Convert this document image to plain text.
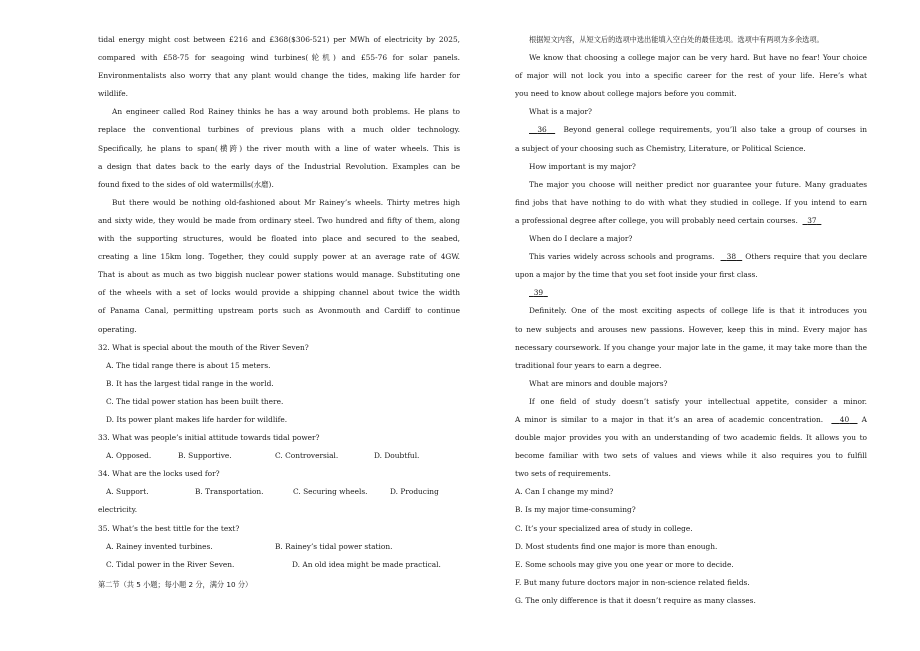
tidal energy might cost between £216 and £368($306-521) per MWh of electricity by 2025,

compared with £58-75 for seagoing wind turbines(轮机) and £55-76 for solar panels.

Environmentalists also worry that any plant would change the tides, making life harder for

wildlife.

An engineer called Rod Rainey thinks he has a way around both problems. He plans to

replace the conventional turbines of previous plans with a much older technology.

Specifically, he plans to span(横跨) the river mouth with a line of water wheels. This is

a design that dates back to the early days of the Industrial Revolution. Examples can be

found fixed to the sides of old watermills(水磨).

But there would be nothing old-fashioned about Mr Rainey’s wheels. Thirty metres high

and sixty wide, they would be made from ordinary steel. Two hundred and fifty of them, along

with the supporting structures, would be floated into place and secured to the seabed,

creating a line 15km long. Together, they could supply power at an average rate of 4GW.

That is about as much as two biggish nuclear power stations would manage. Substituting one

of the wheels with a set of locks would provide a shipping channel about twice the width

of Panama Canal, permitting upstream ports such as Avonmouth and Cardiff to continue

operating.

32. What is special about the mouth of the River Seven?

A. The tidal range there is about 15 meters.

B. It has the largest tidal range in the world.

C. The tidal power station has been built there.

D. Its power plant makes life harder for wildlife.

33. What was people’s initial attitude towards tidal power?

A. Opposed.	B. Supportive.	C. Controversial.	D. Doubtful.

34. What are the locks used for?

A. Support.	B. Transportation.	C. Securing wheels.	D. Producing

electricity.

35. What’s the best tittle for the text?

A. Rainey invented turbines.	B. Rainey’s tidal power station.
C. Tidal power in the River Seven.	D. An old idea might be made practical.

第二节（共 5 小题；每小题 2 分，满分 10 分）

根据短文内容，从短文后的选项中选出能填入空白处的最佳选项。选项中有两项为多余选项。

We know that choosing a college major can be very hard. But have no fear! Your choice

of major will not lock you into a specific career for the rest of your life. Here’s what

you need to know about college majors before you commit.

What is a major?

36 Beyond general college requirements, you’ll also take a group of courses in

a subject of your choosing such as Chemistry, Literature, or Political Science.

How important is my major?

The major you choose will neither predict nor guarantee your future. Many graduates

find jobs that have nothing to do with what they studied in college. If you intend to earn

a professional degree after college, you will probably need certain courses. 37

When do I declare a major?

This varies widely across schools and programs. 38 Others require that you declare

upon a major by the time that you set foot inside your first class.

39

Definitely. One of the most exciting aspects of college life is that it introduces you

to new subjects and arouses new passions. However, keep this in mind. Every major has

necessary coursework. If you change your major late in the game, it may take more than the

traditional four years to earn a degree.

What are minors and double majors?

If one field of study doesn’t satisfy your intellectual appetite, consider a minor.

A minor is similar to a major in that it’s an area of academic concentration. 40 A

double major provides you with an understanding of two academic fields. It allows you to

become familiar with two sets of values and views while it also requires you to fulfill

two sets of requirements.

A. Can I change my mind?

B. Is my major time-consuming?

C. It’s your specialized area of study in college.

D. Most students find one major is more than enough.

E. Some schools may give you one year or more to decide.

F. But many future doctors major in non-science related fields.

G. The only difference is that it doesn’t require as many classes.
